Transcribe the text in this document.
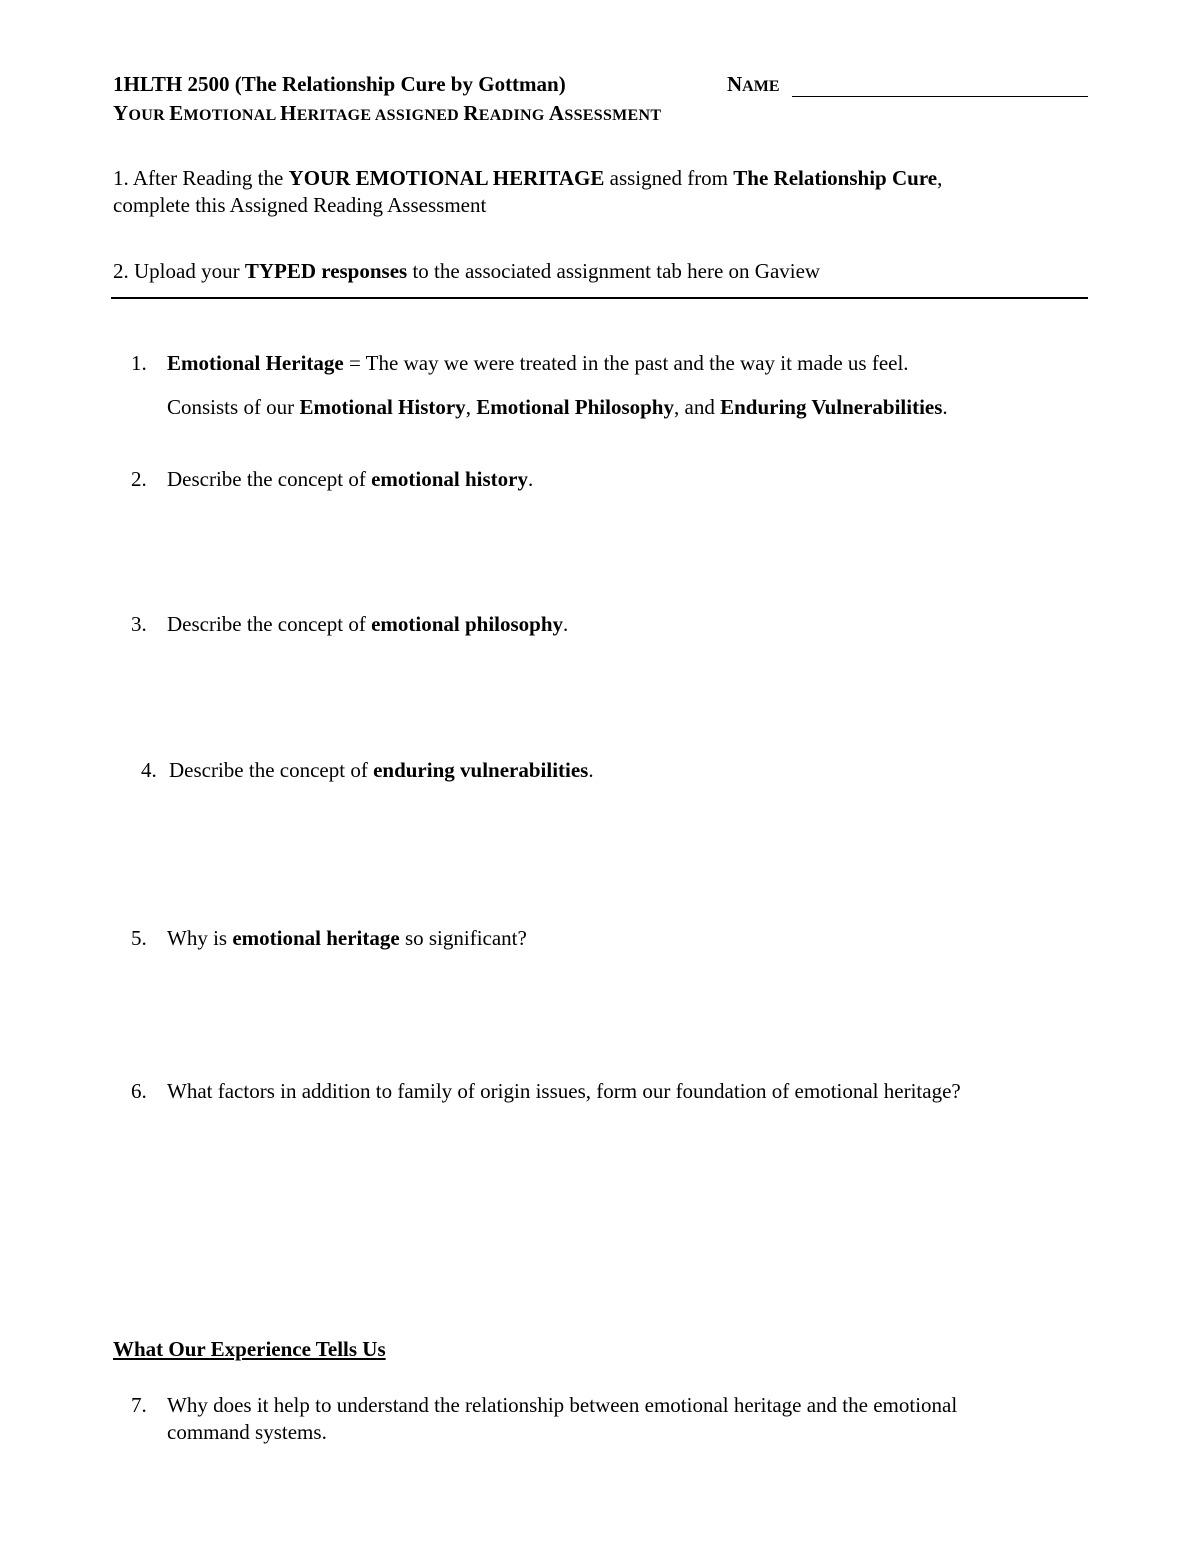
1HLTH 2500 (The Relationship Cure by Gottman)	NAME
YOUR EMOTIONAL HERITAGE ASSIGNED READING ASSESSMENT
1. After Reading the YOUR EMOTIONAL HERITAGE assigned from The Relationship Cure,
complete this Assigned Reading Assessment
2. Upload your TYPED responses to the associated assignment tab here on Gaview
1. Emotional Heritage = The way we were treated in the past and the way it made us feel.
Consists of our Emotional History, Emotional Philosophy, and Enduring Vulnerabilities.
2. Describe the concept of emotional history.
3. Describe the concept of emotional philosophy.
4. Describe the concept of enduring vulnerabilities.
5. Why is emotional heritage so significant?
6. What factors in addition to family of origin issues, form our foundation of emotional heritage?
What Our Experience Tells Us
7. Why does it help to understand the relationship between emotional heritage and the emotional
command systems.
